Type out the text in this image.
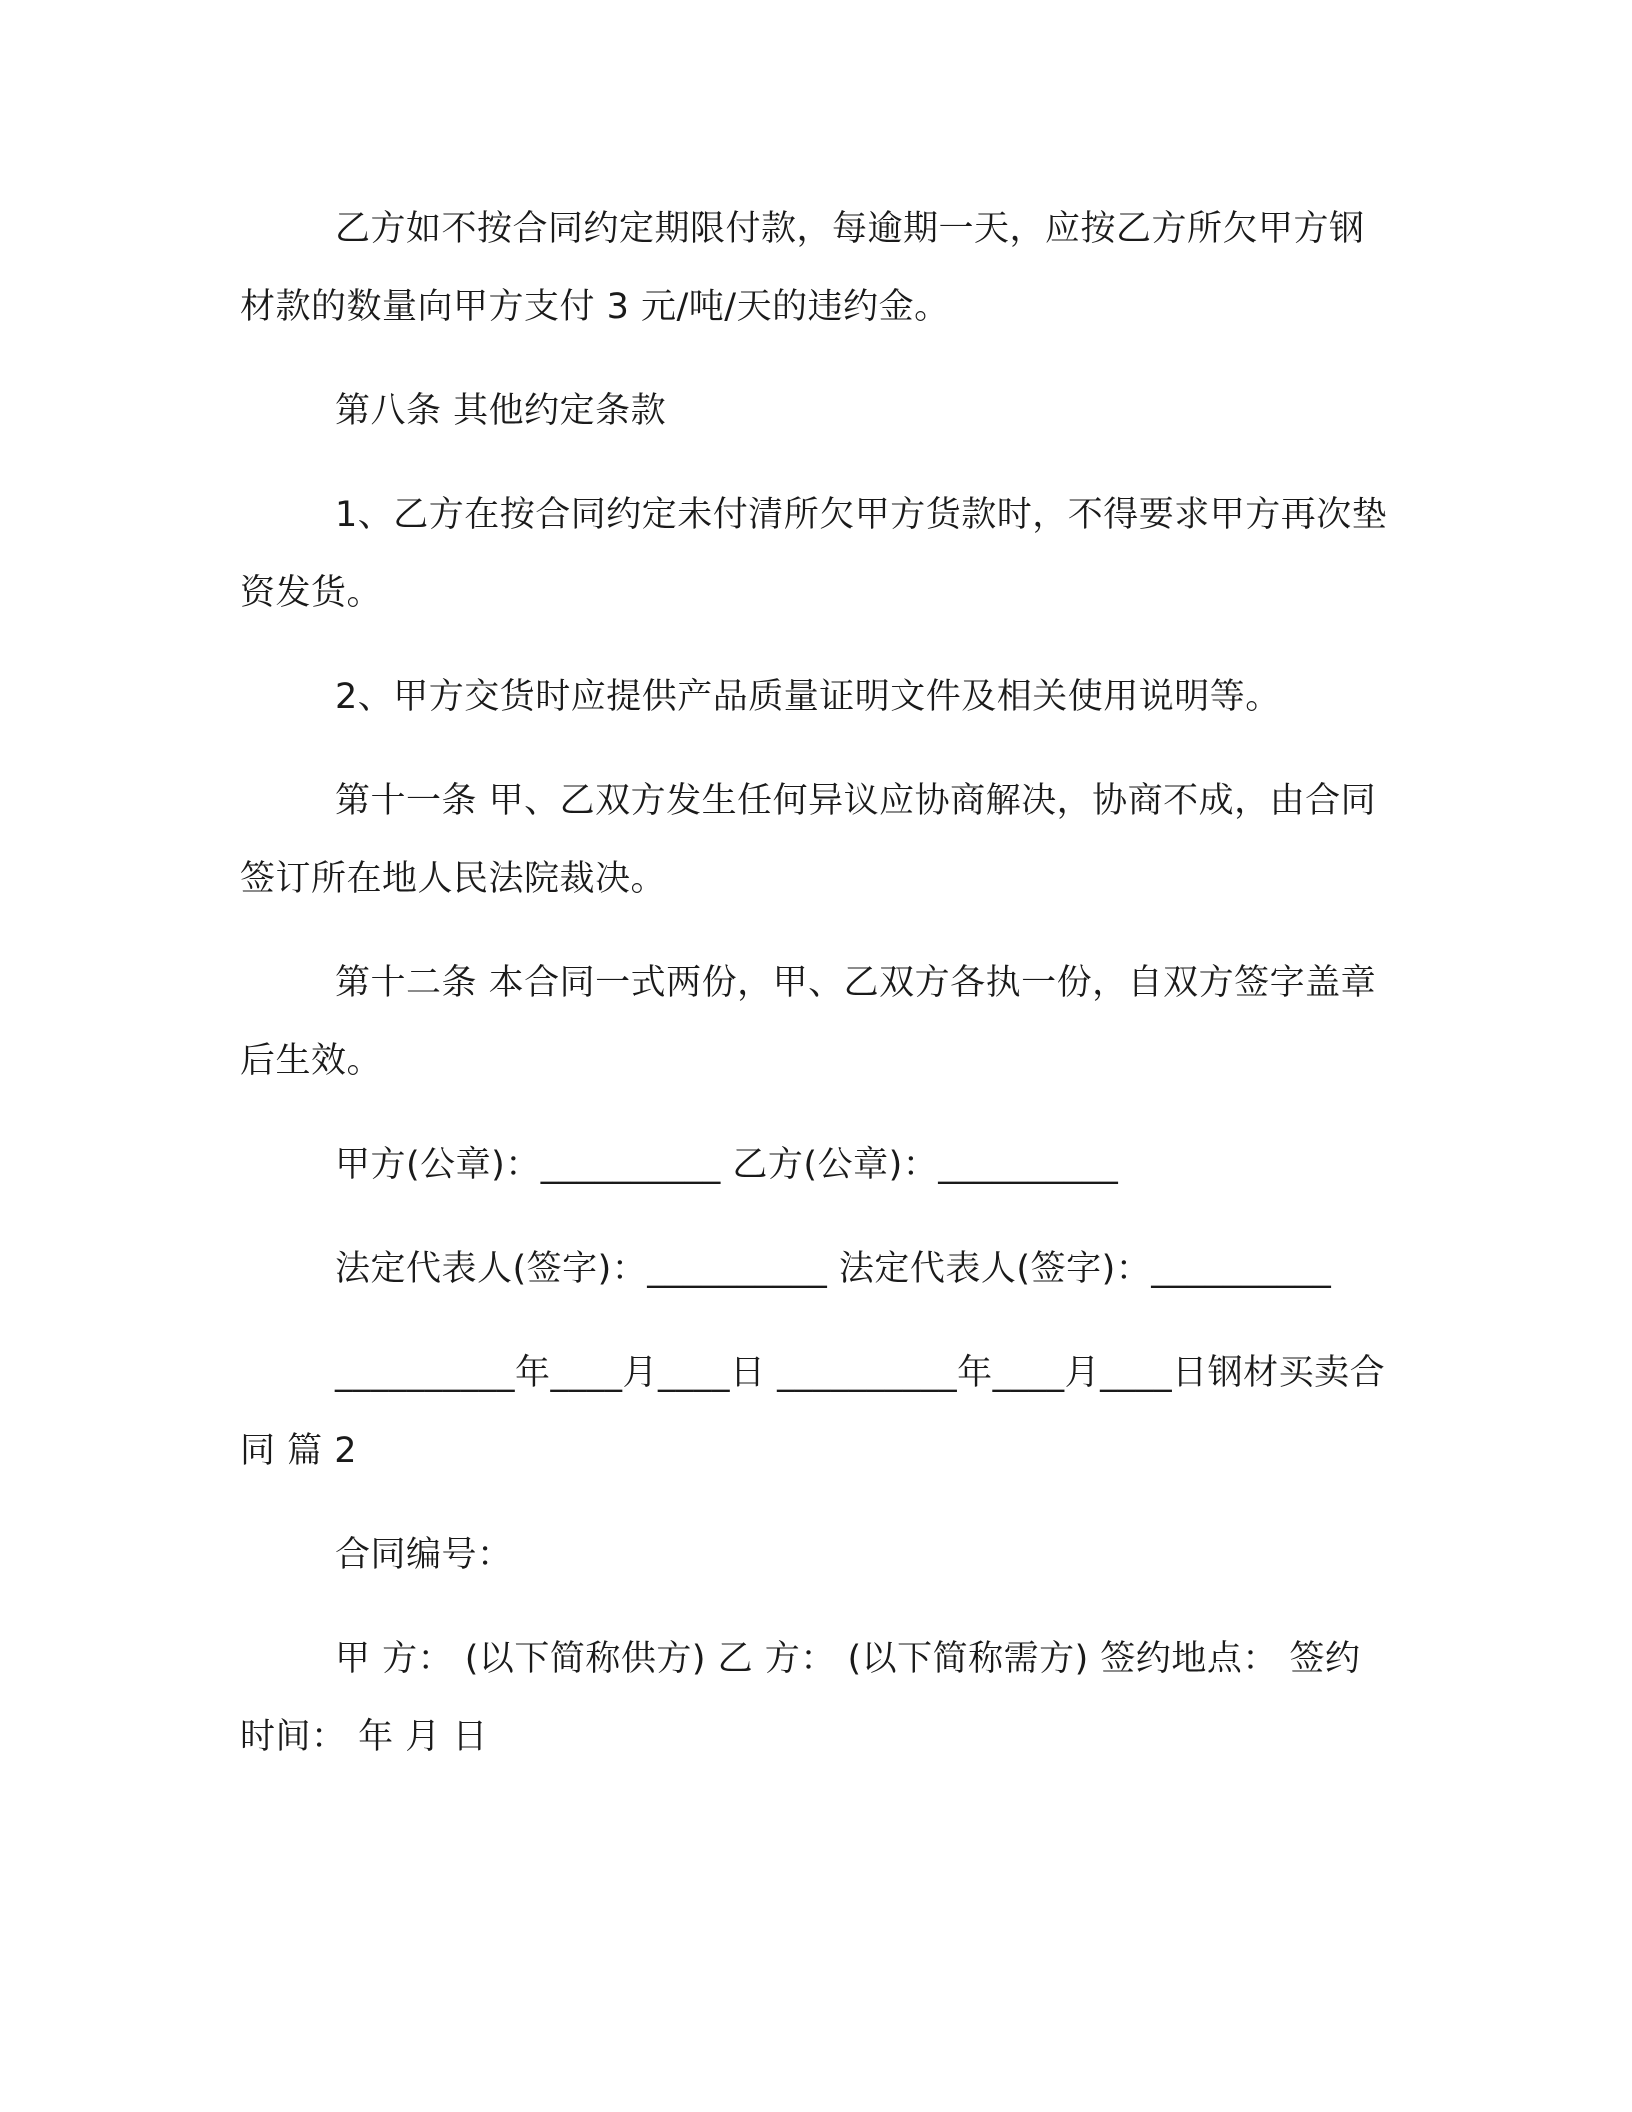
乙方如不按合同约定期限付款，每逾期一天，应按乙方所欠甲方钢材款的数量向甲方支付 3 元/吨/天的违约金。

第八条 其他约定条款

1、乙方在按合同约定未付清所欠甲方货款时，不得要求甲方再次垫资发货。

2、甲方交货时应提供产品质量证明文件及相关使用说明等。

第十一条 甲、乙双方发生任何异议应协商解决，协商不成，由合同签订所在地人民法院裁决。

第十二条 本合同一式两份，甲、乙双方各执一份，自双方签字盖章后生效。

甲方(公章)：__________ 乙方(公章)：__________

法定代表人(签字)：__________ 法定代表人(签字)：__________

__________年____月____日 __________年____月____日钢材买卖合同 篇 2

合同编号：

甲 方： (以下简称供方) 乙 方： (以下简称需方) 签约地点： 签约时间： 年 月 日
